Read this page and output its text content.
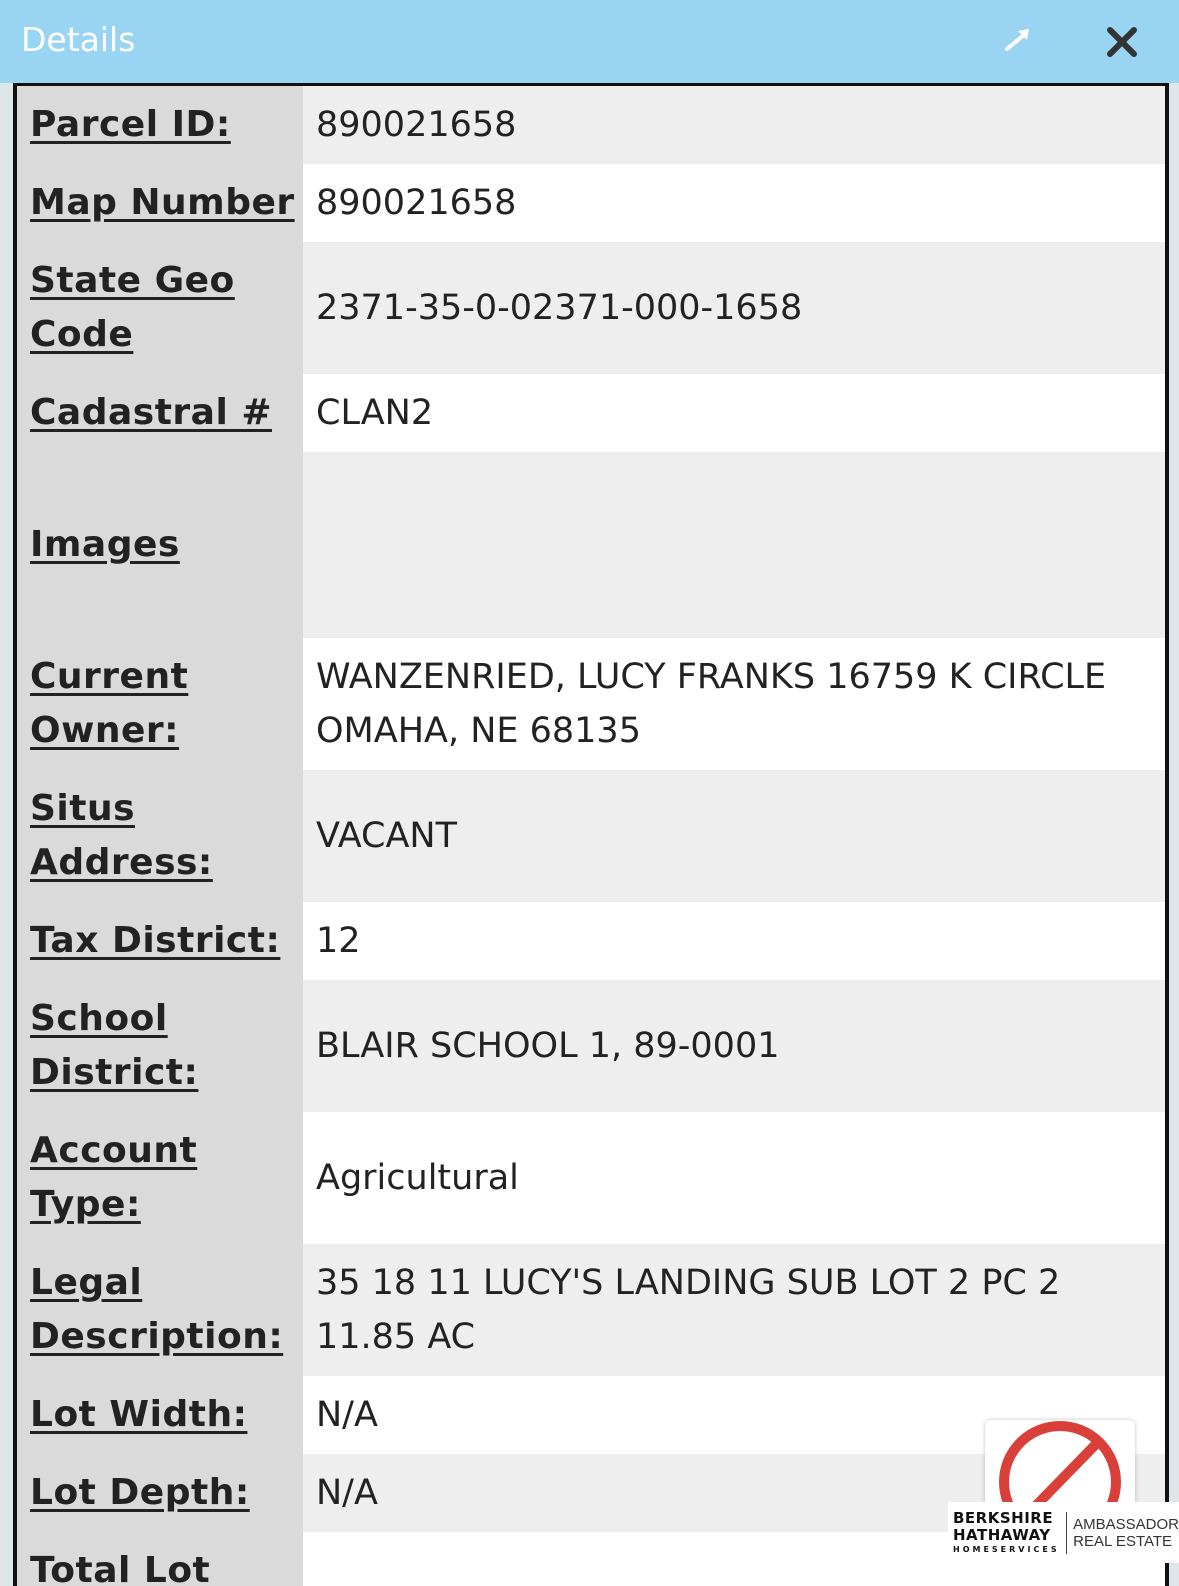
Details
Parcel ID: 890021658
Map Number 890021658
State Geo Code
2371-35-0-02371-000-1658
Cadastral # CLAN2
Images
Current Owner:
WANZENRIED, LUCY FRANKS 16759 K CIRCLE OMAHA, NE 68135
Situs Address:
VACANT
Tax District: 12
School District:
BLAIR SCHOOL 1, 89-0001
Account Type:
Agricultural
Legal Description:
35 18 11 LUCY'S LANDING SUB LOT 2 PC 2 11.85 AC
Lot Width: N/A
Lot Depth: N/A
Total Lot
BERKSHIRE
HATHAWAY
HOMESERVICES
AMBASSADOR
REAL ESTATE
